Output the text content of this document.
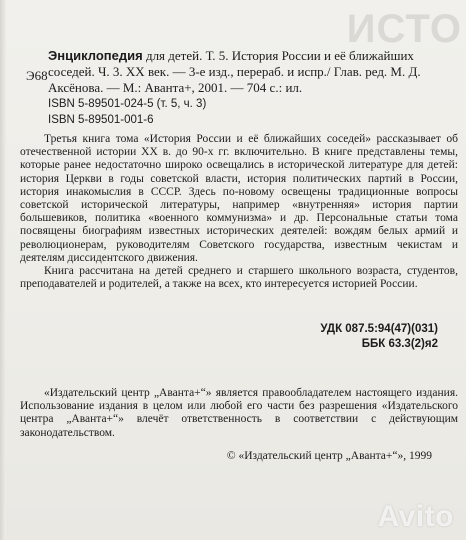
ИСТО
Э68
Энциклопедия для детей. Т. 5. История России и её ближайших соседей. Ч. 3. XX век. — 3-е изд., перераб. и испр./ Глав. ред. М. Д. Аксёнова. — М.: Аванта+, 2001. — 704 с.: ил.
ISBN 5-89501-024-5 (т. 5, ч. 3)
ISBN 5-89501-001-6

Третья книга тома «История России и её ближайших соседей» рассказывает об отечественной истории XX в. до 90-х гг. включительно. В книге представлены темы, которые ранее недостаточно широко освещались в исторической литературе для детей: история Церкви в годы советской власти, история политических партий в России, история инакомыслия в СССР. Здесь по-новому освещены традиционные вопросы советской исторической литературы, например «внутренняя» история партии большевиков, политика «военного коммунизма» и др. Персональные статьи тома посвящены биографиям известных исторических деятелей: вождям белых армий и революционерам, руководителям Советского государства, известным чекистам и деятелям диссидентского движения.

Книга рассчитана на детей среднего и старшего школьного возраста, студентов, преподавателей и родителей, а также на всех, кто интересуется историей России.

УДК 087.5:94(47)(031)
ББК 63.3(2)я2

«Издательский центр „Аванта+“» является правообладателем настоящего издания. Использование издания в целом или любой его части без разрешения «Издательского центра „Аванта+“» влечёт ответственность в соответствии с действующим законодательством.

© «Издательский центр „Аванта+“», 1999
Avito
